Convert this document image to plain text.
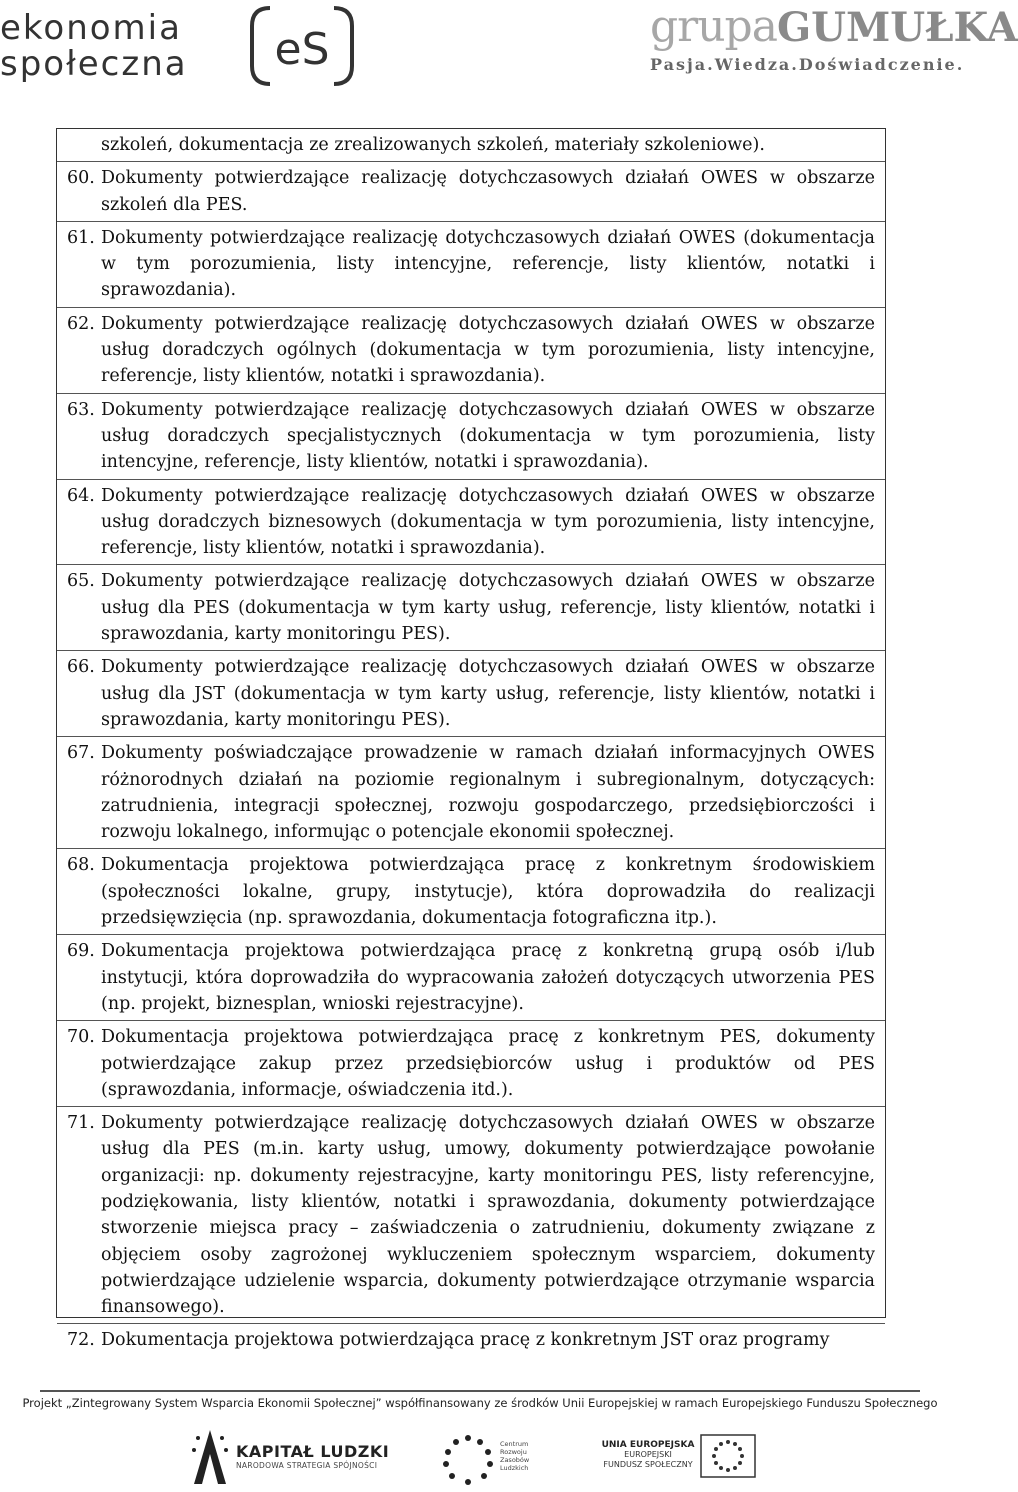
ekonomia
społeczna eS	grupaGUMUŁKA
Pasja.Wiedza.Doświadczenie.
szkoleń, dokumentacja ze zrealizowanych szkoleń, materiały szkoleniowe).
60. Dokumenty potwierdzające realizację dotychczasowych działań OWES w obszarze szkoleń dla PES.
61. Dokumenty potwierdzające realizację dotychczasowych działań OWES (dokumentacja w tym porozumienia, listy intencyjne, referencje, listy klientów, notatki i sprawozdania).
62. Dokumenty potwierdzające realizację dotychczasowych działań OWES w obszarze usług doradczych ogólnych (dokumentacja w tym porozumienia, listy intencyjne, referencje, listy klientów, notatki i sprawozdania).
63. Dokumenty potwierdzające realizację dotychczasowych działań OWES w obszarze usług doradczych specjalistycznych (dokumentacja w tym porozumienia, listy intencyjne, referencje, listy klientów, notatki i sprawozdania).
64. Dokumenty potwierdzające realizację dotychczasowych działań OWES w obszarze usług doradczych biznesowych (dokumentacja w tym porozumienia, listy intencyjne, referencje, listy klientów, notatki i sprawozdania).
65. Dokumenty potwierdzające realizację dotychczasowych działań OWES w obszarze usług dla PES (dokumentacja w tym karty usług, referencje, listy klientów, notatki i sprawozdania, karty monitoringu PES).
66. Dokumenty potwierdzające realizację dotychczasowych działań OWES w obszarze usług dla JST (dokumentacja w tym karty usług, referencje, listy klientów, notatki i sprawozdania, karty monitoringu PES).
67. Dokumenty poświadczające prowadzenie w ramach działań informacyjnych OWES różnorodnych działań na poziomie regionalnym i subregionalnym, dotyczących: zatrudnienia, integracji społecznej, rozwoju gospodarczego, przedsiębiorczości i rozwoju lokalnego, informując o potencjale ekonomii społecznej.
68. Dokumentacja projektowa potwierdzająca pracę z konkretnym środowiskiem (społeczności lokalne, grupy, instytucje), która doprowadziła do realizacji przedsięwzięcia (np. sprawozdania, dokumentacja fotograficzna itp.).
69. Dokumentacja projektowa potwierdzająca pracę z konkretną grupą osób i/lub instytucji, która doprowadziła do wypracowania założeń dotyczących utworzenia PES (np. projekt, biznesplan, wnioski rejestracyjne).
70. Dokumentacja projektowa potwierdzająca pracę z konkretnym PES, dokumenty potwierdzające zakup przez przedsiębiorców usług i produktów od PES (sprawozdania, informacje, oświadczenia itd.).
71. Dokumenty potwierdzające realizację dotychczasowych działań OWES w obszarze usług dla PES (m.in. karty usług, umowy, dokumenty potwierdzające powołanie organizacji: np. dokumenty rejestracyjne, karty monitoringu PES, listy referencyjne, podziękowania, listy klientów, notatki i sprawozdania, dokumenty potwierdzające stworzenie miejsca pracy – zaświadczenia o zatrudnieniu, dokumenty związane z objęciem osoby zagrożonej wykluczeniem społecznym wsparciem, dokumenty potwierdzające udzielenie wsparcia, dokumenty potwierdzające otrzymanie wsparcia finansowego).
72. Dokumentacja projektowa potwierdzająca pracę z konkretnym JST oraz programy
Projekt „Zintegrowany System Wsparcia Ekonomii Społecznej” współfinansowany ze środków Unii Europejskiej w ramach Europejskiego Funduszu Społecznego
KAPITAŁ LUDZKI
NARODOWA STRATEGIA SPÓJNOŚCI
Centrum
Rozwoju
Zasobów
Ludzkich
UNIA EUROPEJSKA
EUROPEJSKI
FUNDUSZ SPOŁECZNY
